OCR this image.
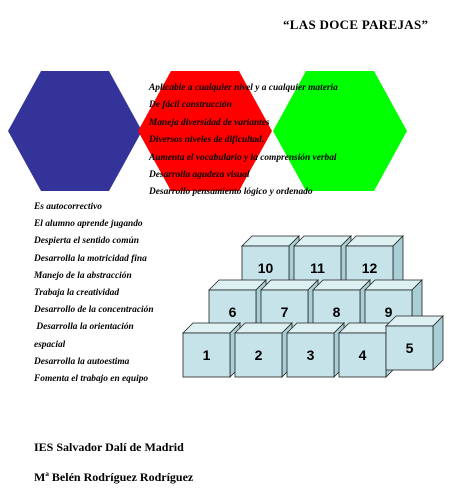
“LAS DOCE PAREJAS”
10	11	12
6	7	8	9
1	2	3	4	5
Aplicable a cualquier nivel y a cualquier materia
De fácil construcción
Maneja diversidad de variantes
Diversos niveles de dificultad.
Aumenta el vocabulario y la comprensión verbal
Desarrolla agudeza visual
Desarrollo pensamiento lógico y ordenado
Es autocorrectivo
El alumno aprende jugando
Despierta el sentido común
Desarrolla la motricidad fina
Manejo de la abstracción
Trabaja la creatividad
Desarrollo de la concentración
Desarrolla la orientación
espacial
Desarrolla la autoestima
Fomenta el trabajo en equipo
IES Salvador Dalí de Madrid
Mª Belén Rodríguez Rodríguez
